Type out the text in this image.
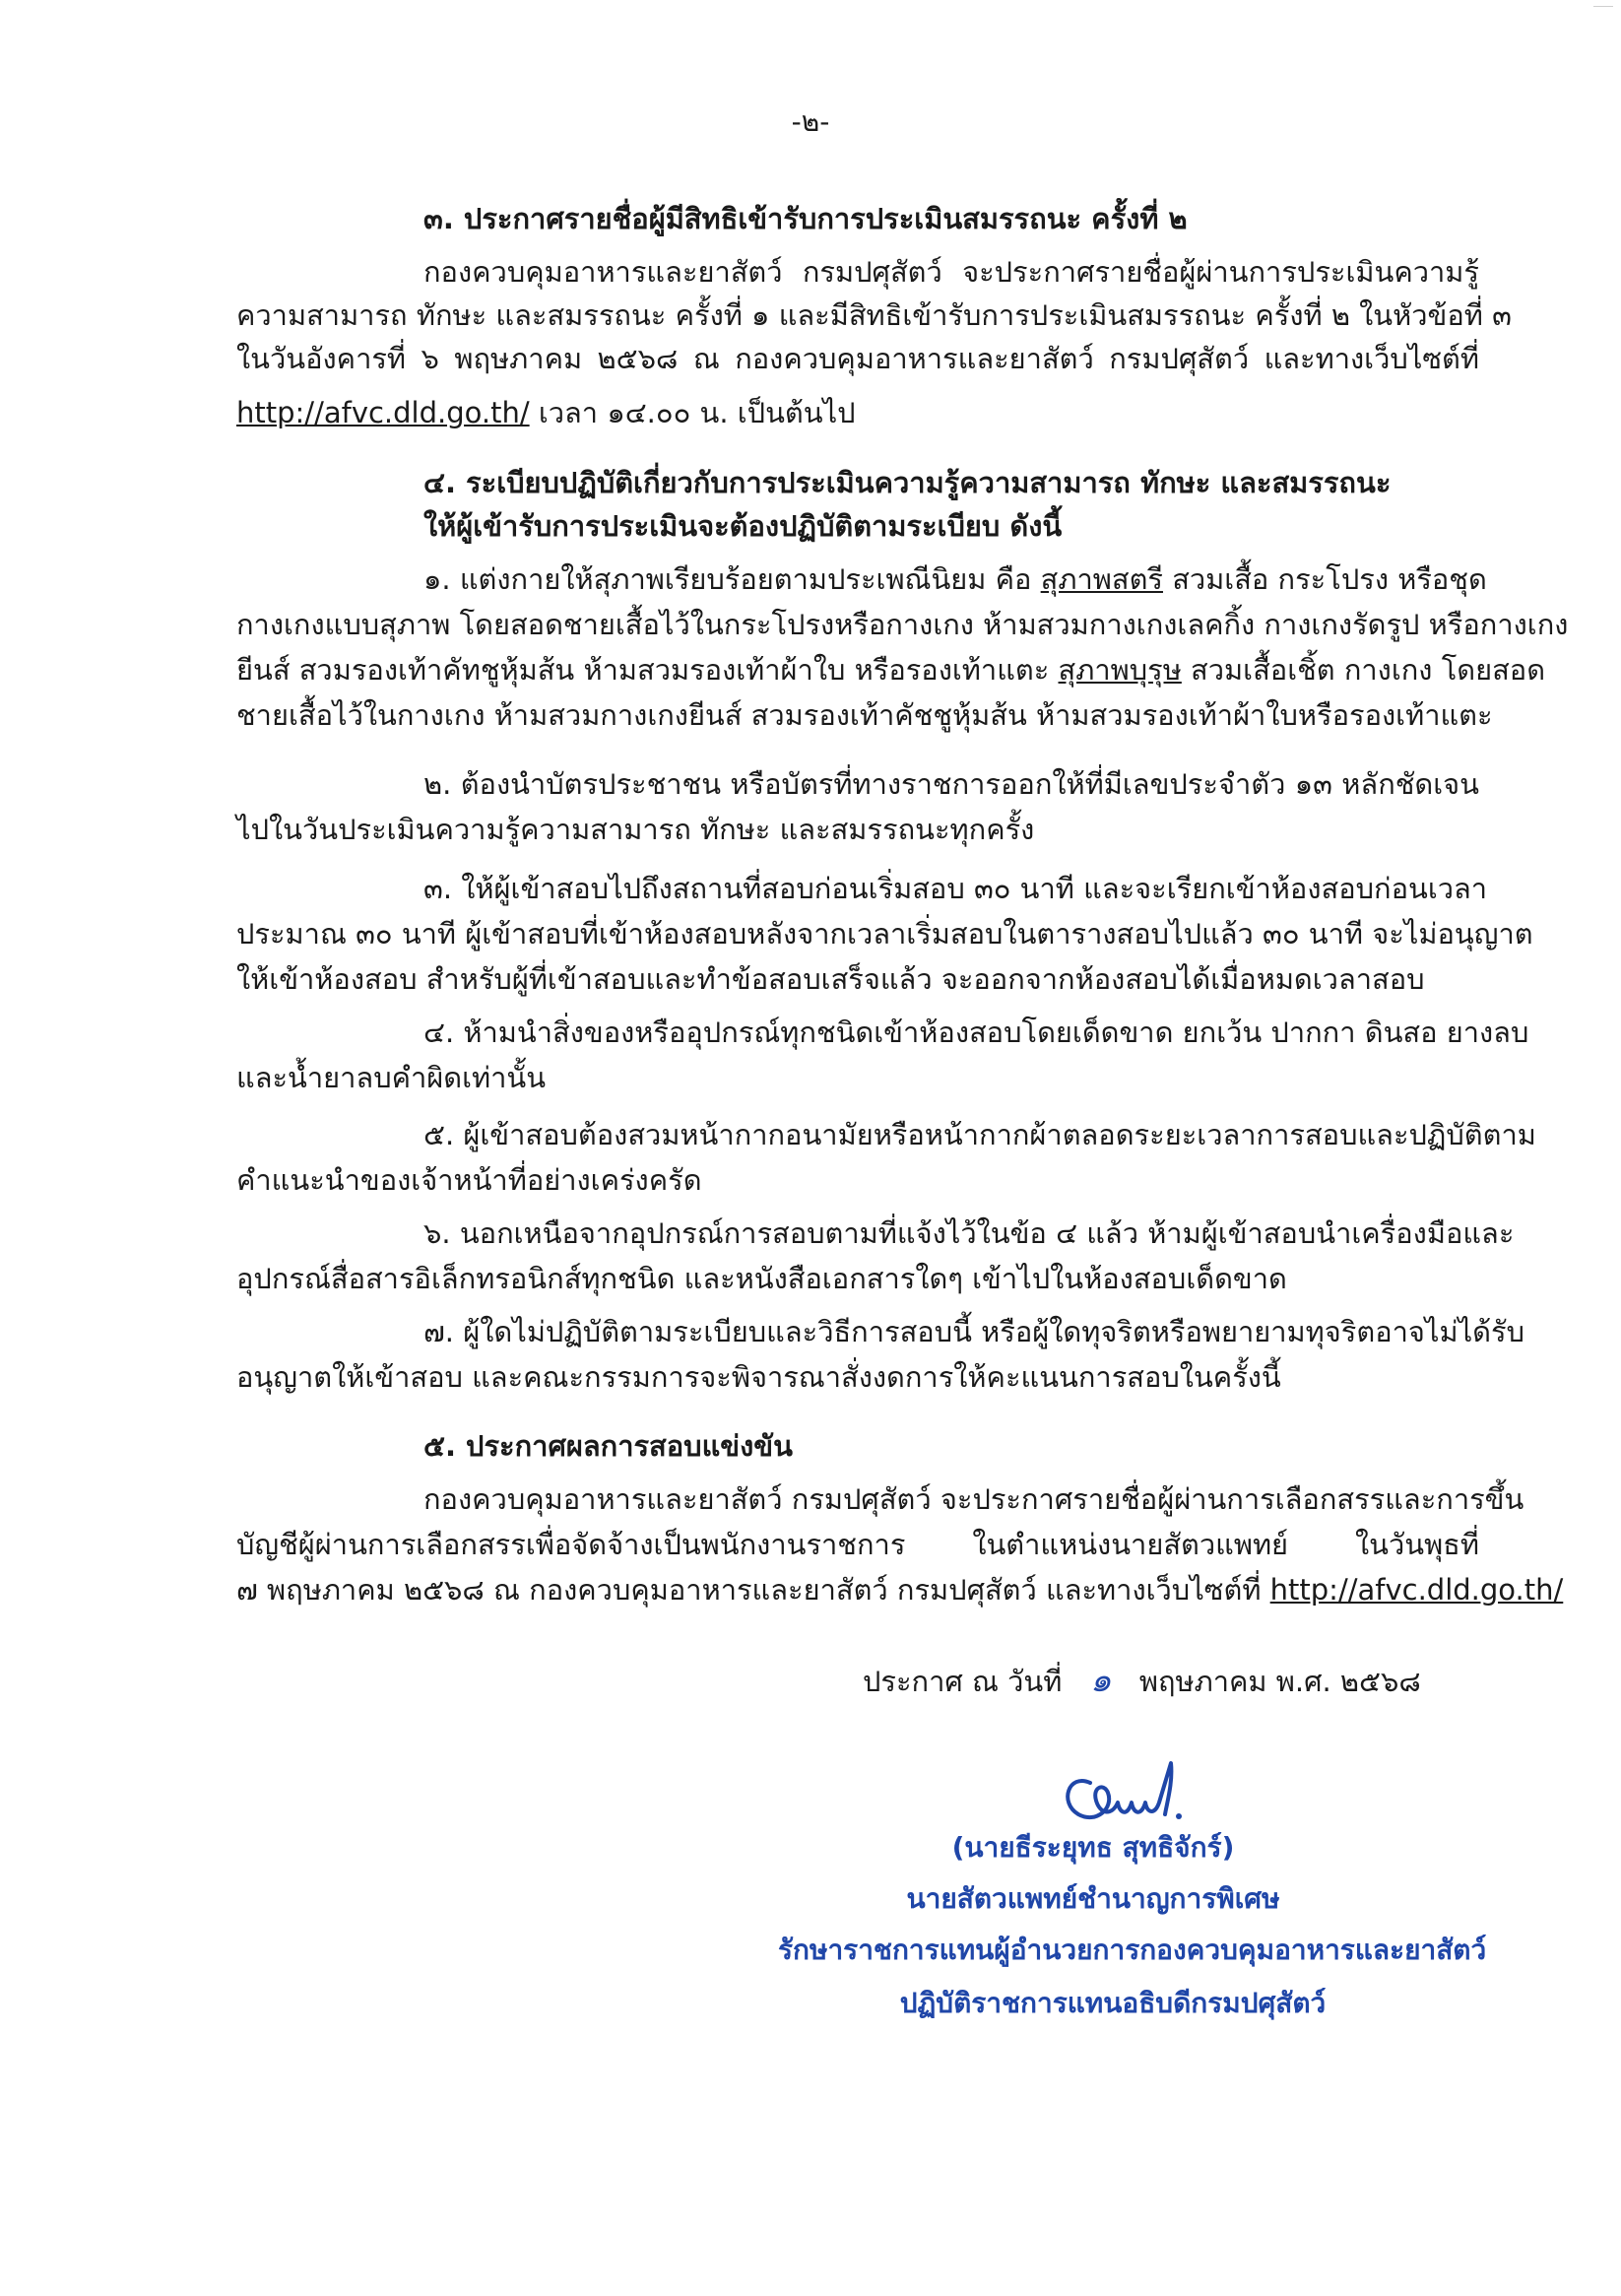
-๒-
๓. ประกาศรายชื่อผู้มีสิทธิเข้ารับการประเมินสมรรถนะ ครั้งที่ ๒
กองควบคุมอาหารและยาสัตว์ กรมปศุสัตว์ จะประกาศรายชื่อผู้ผ่านการประเมินความรู้
ความสามารถ ทักษะ และสมรรถนะ ครั้งที่ ๑ และมีสิทธิเข้ารับการประเมินสมรรถนะ ครั้งที่ ๒ ในหัวข้อที่ ๓
ในวันอังคารที่ ๖ พฤษภาคม ๒๕๖๘ ณ กองควบคุมอาหารและยาสัตว์ กรมปศุสัตว์ และทางเว็บไซต์ที่
http://afvc.dld.go.th/ เวลา ๑๔.๐๐ น. เป็นต้นไป
๔. ระเบียบปฏิบัติเกี่ยวกับการประเมินความรู้ความสามารถ ทักษะ และสมรรถนะ
ให้ผู้เข้ารับการประเมินจะต้องปฏิบัติตามระเบียบ ดังนี้
๑. แต่งกายให้สุภาพเรียบร้อยตามประเพณีนิยม คือ สุภาพสตรี สวมเสื้อ กระโปรง หรือชุด
กางเกงแบบสุภาพ โดยสอดชายเสื้อไว้ในกระโปรงหรือกางเกง ห้ามสวมกางเกงเลคกิ้ง กางเกงรัดรูป หรือกางเกง
ยีนส์ สวมรองเท้าคัทชูหุ้มส้น ห้ามสวมรองเท้าผ้าใบ หรือรองเท้าแตะ สุภาพบุรุษ สวมเสื้อเชิ้ต กางเกง โดยสอด
ชายเสื้อไว้ในกางเกง ห้ามสวมกางเกงยีนส์ สวมรองเท้าคัชชูหุ้มส้น ห้ามสวมรองเท้าผ้าใบหรือรองเท้าแตะ
๒. ต้องนำบัตรประชาชน หรือบัตรที่ทางราชการออกให้ที่มีเลขประจำตัว ๑๓ หลักชัดเจน
ไปในวันประเมินความรู้ความสามารถ ทักษะ และสมรรถนะทุกครั้ง
๓. ให้ผู้เข้าสอบไปถึงสถานที่สอบก่อนเริ่มสอบ ๓๐ นาที และจะเรียกเข้าห้องสอบก่อนเวลา
ประมาณ ๓๐ นาที ผู้เข้าสอบที่เข้าห้องสอบหลังจากเวลาเริ่มสอบในตารางสอบไปแล้ว ๓๐ นาที จะไม่อนุญาต
ให้เข้าห้องสอบ สำหรับผู้ที่เข้าสอบและทำข้อสอบเสร็จแล้ว จะออกจากห้องสอบได้เมื่อหมดเวลาสอบ
๔. ห้ามนำสิ่งของหรืออุปกรณ์ทุกชนิดเข้าห้องสอบโดยเด็ดขาด ยกเว้น ปากกา ดินสอ ยางลบ
และน้ำยาลบคำผิดเท่านั้น
๕. ผู้เข้าสอบต้องสวมหน้ากากอนามัยหรือหน้ากากผ้าตลอดระยะเวลาการสอบและปฏิบัติตาม
คำแนะนำของเจ้าหน้าที่อย่างเคร่งครัด
๖. นอกเหนือจากอุปกรณ์การสอบตามที่แจ้งไว้ในข้อ ๔ แล้ว ห้ามผู้เข้าสอบนำเครื่องมือและ
อุปกรณ์สื่อสารอิเล็กทรอนิกส์ทุกชนิด และหนังสือเอกสารใดๆ เข้าไปในห้องสอบเด็ดขาด
๗. ผู้ใดไม่ปฏิบัติตามระเบียบและวิธีการสอบนี้ หรือผู้ใดทุจริตหรือพยายามทุจริตอาจไม่ได้รับ
อนุญาตให้เข้าสอบ และคณะกรรมการจะพิจารณาสั่งงดการให้คะแนนการสอบในครั้งนี้
๕. ประกาศผลการสอบแข่งขัน
กองควบคุมอาหารและยาสัตว์ กรมปศุสัตว์ จะประกาศรายชื่อผู้ผ่านการเลือกสรรและการขึ้น
บัญชีผู้ผ่านการเลือกสรรเพื่อจัดจ้างเป็นพนักงานราชการ ในตำแหน่งนายสัตวแพทย์ ในวันพุธที่
๗ พฤษภาคม ๒๕๖๘ ณ กองควบคุมอาหารและยาสัตว์ กรมปศุสัตว์ และทางเว็บไซต์ที่ http://afvc.dld.go.th/
ประกาศ ณ วันที่ ๑ พฤษภาคม พ.ศ. ๒๕๖๘
(นายธีระยุทธ สุทธิจักร์)
นายสัตวแพทย์ชำนาญการพิเศษ
รักษาราชการแทนผู้อำนวยการกองควบคุมอาหารและยาสัตว์
ปฏิบัติราชการแทนอธิบดีกรมปศุสัตว์
